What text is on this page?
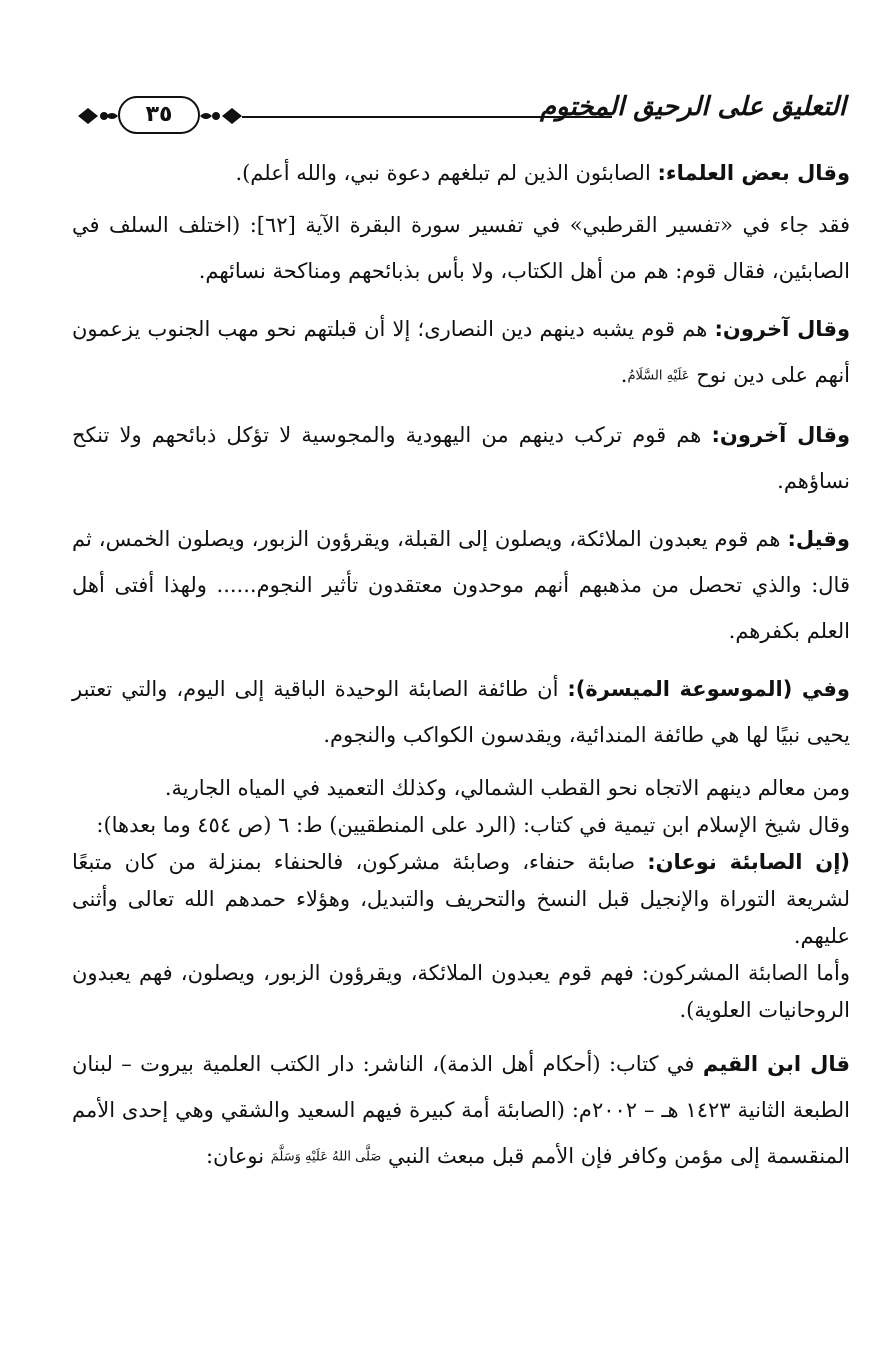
٣٥	التعليق على الرحيق المختوم

وقال بعض العلماء: الصابئون الذين لم تبلغهم دعوة نبي، والله أعلم).

فقد جاء في «تفسير القرطبي» في تفسير سورة البقرة الآية [٦٢]: (اختلف السلف في الصابئين، فقال قوم: هم من أهل الكتاب، ولا بأس بذبائحهم ومناكحة نسائهم.

وقال آخرون: هم قوم يشبه دينهم دين النصارى؛ إلا أن قبلتهم نحو مهب الجنوب يزعمون أنهم على دين نوح عَلَيْهِ السَّلَامُ.

وقال آخرون: هم قوم تركب دينهم من اليهودية والمجوسية لا تؤكل ذبائحهم ولا تنكح نساؤهم.

وقيل: هم قوم يعبدون الملائكة، ويصلون إلى القبلة، ويقرؤون الزبور، ويصلون الخمس، ثم قال: والذي تحصل من مذهبهم أنهم موحدون معتقدون تأثير النجوم...... ولهذا أفتى أهل العلم بكفرهم.

وفي (الموسوعة الميسرة): أن طائفة الصابئة الوحيدة الباقية إلى اليوم، والتي تعتبر يحيى نبيًا لها هي طائفة المندائية، ويقدسون الكواكب والنجوم.

ومن معالم دينهم الاتجاه نحو القطب الشمالي، وكذلك التعميد في المياه الجارية.

وقال شيخ الإسلام ابن تيمية في كتاب: (الرد على المنطقيين) ط: ٦ (ص ٤٥٤ وما بعدها):

(إن الصابئة نوعان: صابئة حنفاء، وصابئة مشركون، فالحنفاء بمنزلة من كان متبعًا لشريعة التوراة والإنجيل قبل النسخ والتحريف والتبديل، وهؤلاء حمدهم الله تعالى وأثنى عليهم.

وأما الصابئة المشركون: فهم قوم يعبدون الملائكة، ويقرؤون الزبور، ويصلون، فهم يعبدون الروحانيات العلوية).

قال ابن القيم في كتاب: (أحكام أهل الذمة)، الناشر: دار الكتب العلمية بيروت – لبنان الطبعة الثانية ١٤٢٣ هـ – ٢٠٠٢م: (الصابئة أمة كبيرة فيهم السعيد والشقي وهي إحدى الأمم المنقسمة إلى مؤمن وكافر فإن الأمم قبل مبعث النبي صَلَّى اللهُ عَلَيْهِ وَسَلَّمَ نوعان:
